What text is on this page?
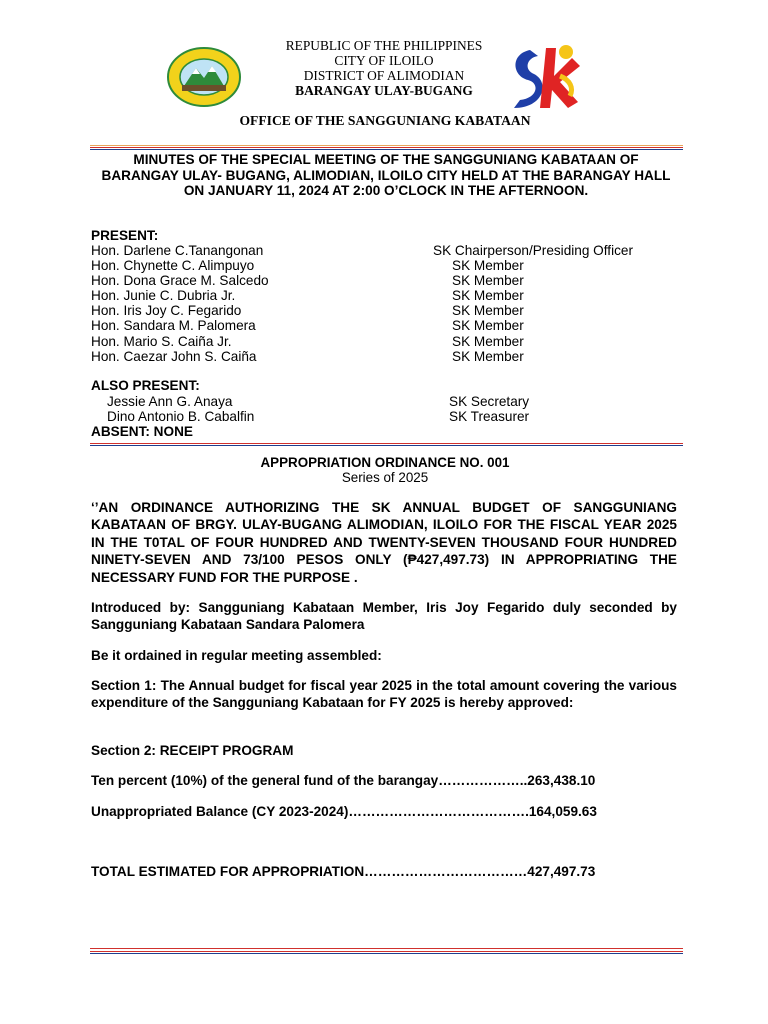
REPUBLIC OF THE PHILIPPINES
CITY OF ILOILO
DISTRICT OF ALIMODIAN
BARANGAY ULAY-BUGANG
OFFICE OF THE SANGGUNIANG KABATAAN
MINUTES OF THE SPECIAL MEETING OF THE SANGGUNIANG KABATAAN OF BARANGAY ULAY- BUGANG, ALIMODIAN, ILOILO CITY HELD AT THE BARANGAY HALL ON JANUARY 11, 2024 AT 2:00 O’CLOCK IN THE AFTERNOON.
PRESENT:
Hon. Darlene C.Tanangonan	SK Chairperson/Presiding Officer
Hon. Chynette C. Alimpuyo	SK Member
Hon. Dona Grace M. Salcedo	SK Member
Hon. Junie C. Dubria Jr.	SK Member
Hon. Iris Joy C. Fegarido	SK Member
Hon. Sandara M. Palomera	SK Member
Hon. Mario S. Caiña Jr.	SK Member
Hon. Caezar John S. Caiña	SK Member
ALSO PRESENT:
Jessie Ann G. Anaya	SK Secretary
Dino Antonio B. Cabalfin	SK Treasurer
ABSENT: NONE
APPROPRIATION ORDINANCE NO. 001
Series of 2025
‘’AN ORDINANCE AUTHORIZING THE SK ANNUAL BUDGET OF SANGGUNIANG KABATAAN OF BRGY. ULAY-BUGANG ALIMODIAN, ILOILO FOR THE FISCAL YEAR 2025 IN THE T0TAL OF FOUR HUNDRED AND TWENTY-SEVEN THOUSAND FOUR HUNDRED NINETY-SEVEN AND 73/100 PESOS ONLY (₱427,497.73) IN APPROPRIATING THE NECESSARY FUND FOR THE PURPOSE .
Introduced by: Sangguniang Kabataan Member, Iris Joy Fegarido duly seconded by Sangguniang Kabataan Sandara Palomera
Be it ordained in regular meeting assembled:
Section 1: The Annual budget for fiscal year 2025 in the total amount covering the various expenditure of the Sangguniang Kabataan for FY 2025 is hereby approved:
Section 2: RECEIPT PROGRAM
Ten percent (10%) of the general fund of the barangay………………..263,438.10
Unappropriated Balance (CY 2023-2024)………………………………….164,059.63
TOTAL ESTIMATED FOR APPROPRIATION………………………………427,497.73
